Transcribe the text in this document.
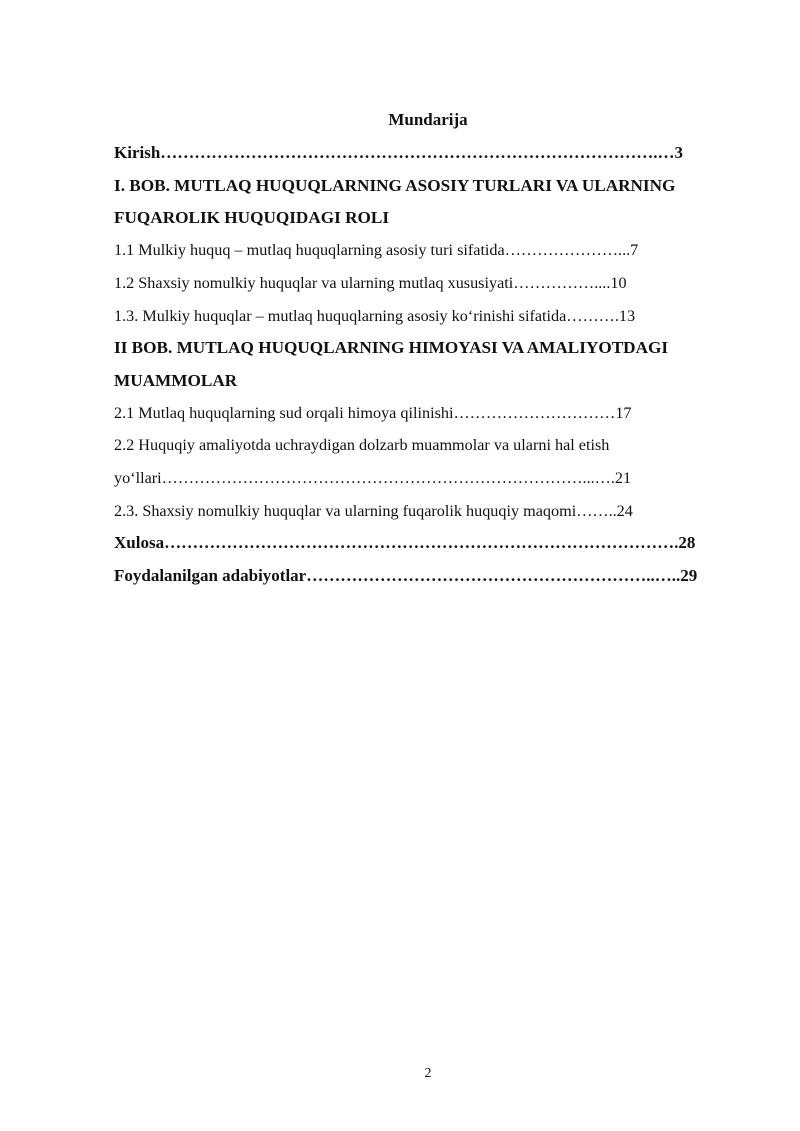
Mundarija
Kirish…………………………………………………………………………….…3
I. BOB. MUTLAQ HUQUQLARNING ASOSIY TURLARI VA ULARNING
FUQAROLIK HUQUQIDAGI ROLI
1.1 Mulkiy huquq – mutlaq huquqlarning asosiy turi sifatida…………………...7
1.2 Shaxsiy nomulkiy huquqlar va ularning mutlaq xususiyati……………....10
1.3. Mulkiy huquqlar – mutlaq huquqlarning asosiy koʻrinishi sifatida……….13
II BOB. MUTLAQ HUQUQLARNING HIMOYASI VA AMALIYOTDAGI
MUAMMOLAR
2.1 Mutlaq huquqlarning sud orqali himoya qilinishi…………………………17
2.2 Huquqiy amaliyotda uchraydigan dolzarb muammolar va ularni hal etish
yoʻllari……………………………………………………………………...….21
2.3. Shaxsiy nomulkiy huquqlar va ularning fuqarolik huquqiy maqomi……..24
Xulosa……………………………………………………………………………….28
Foydalanilgan adabiyotlar……………………………………………………..…..29
2
